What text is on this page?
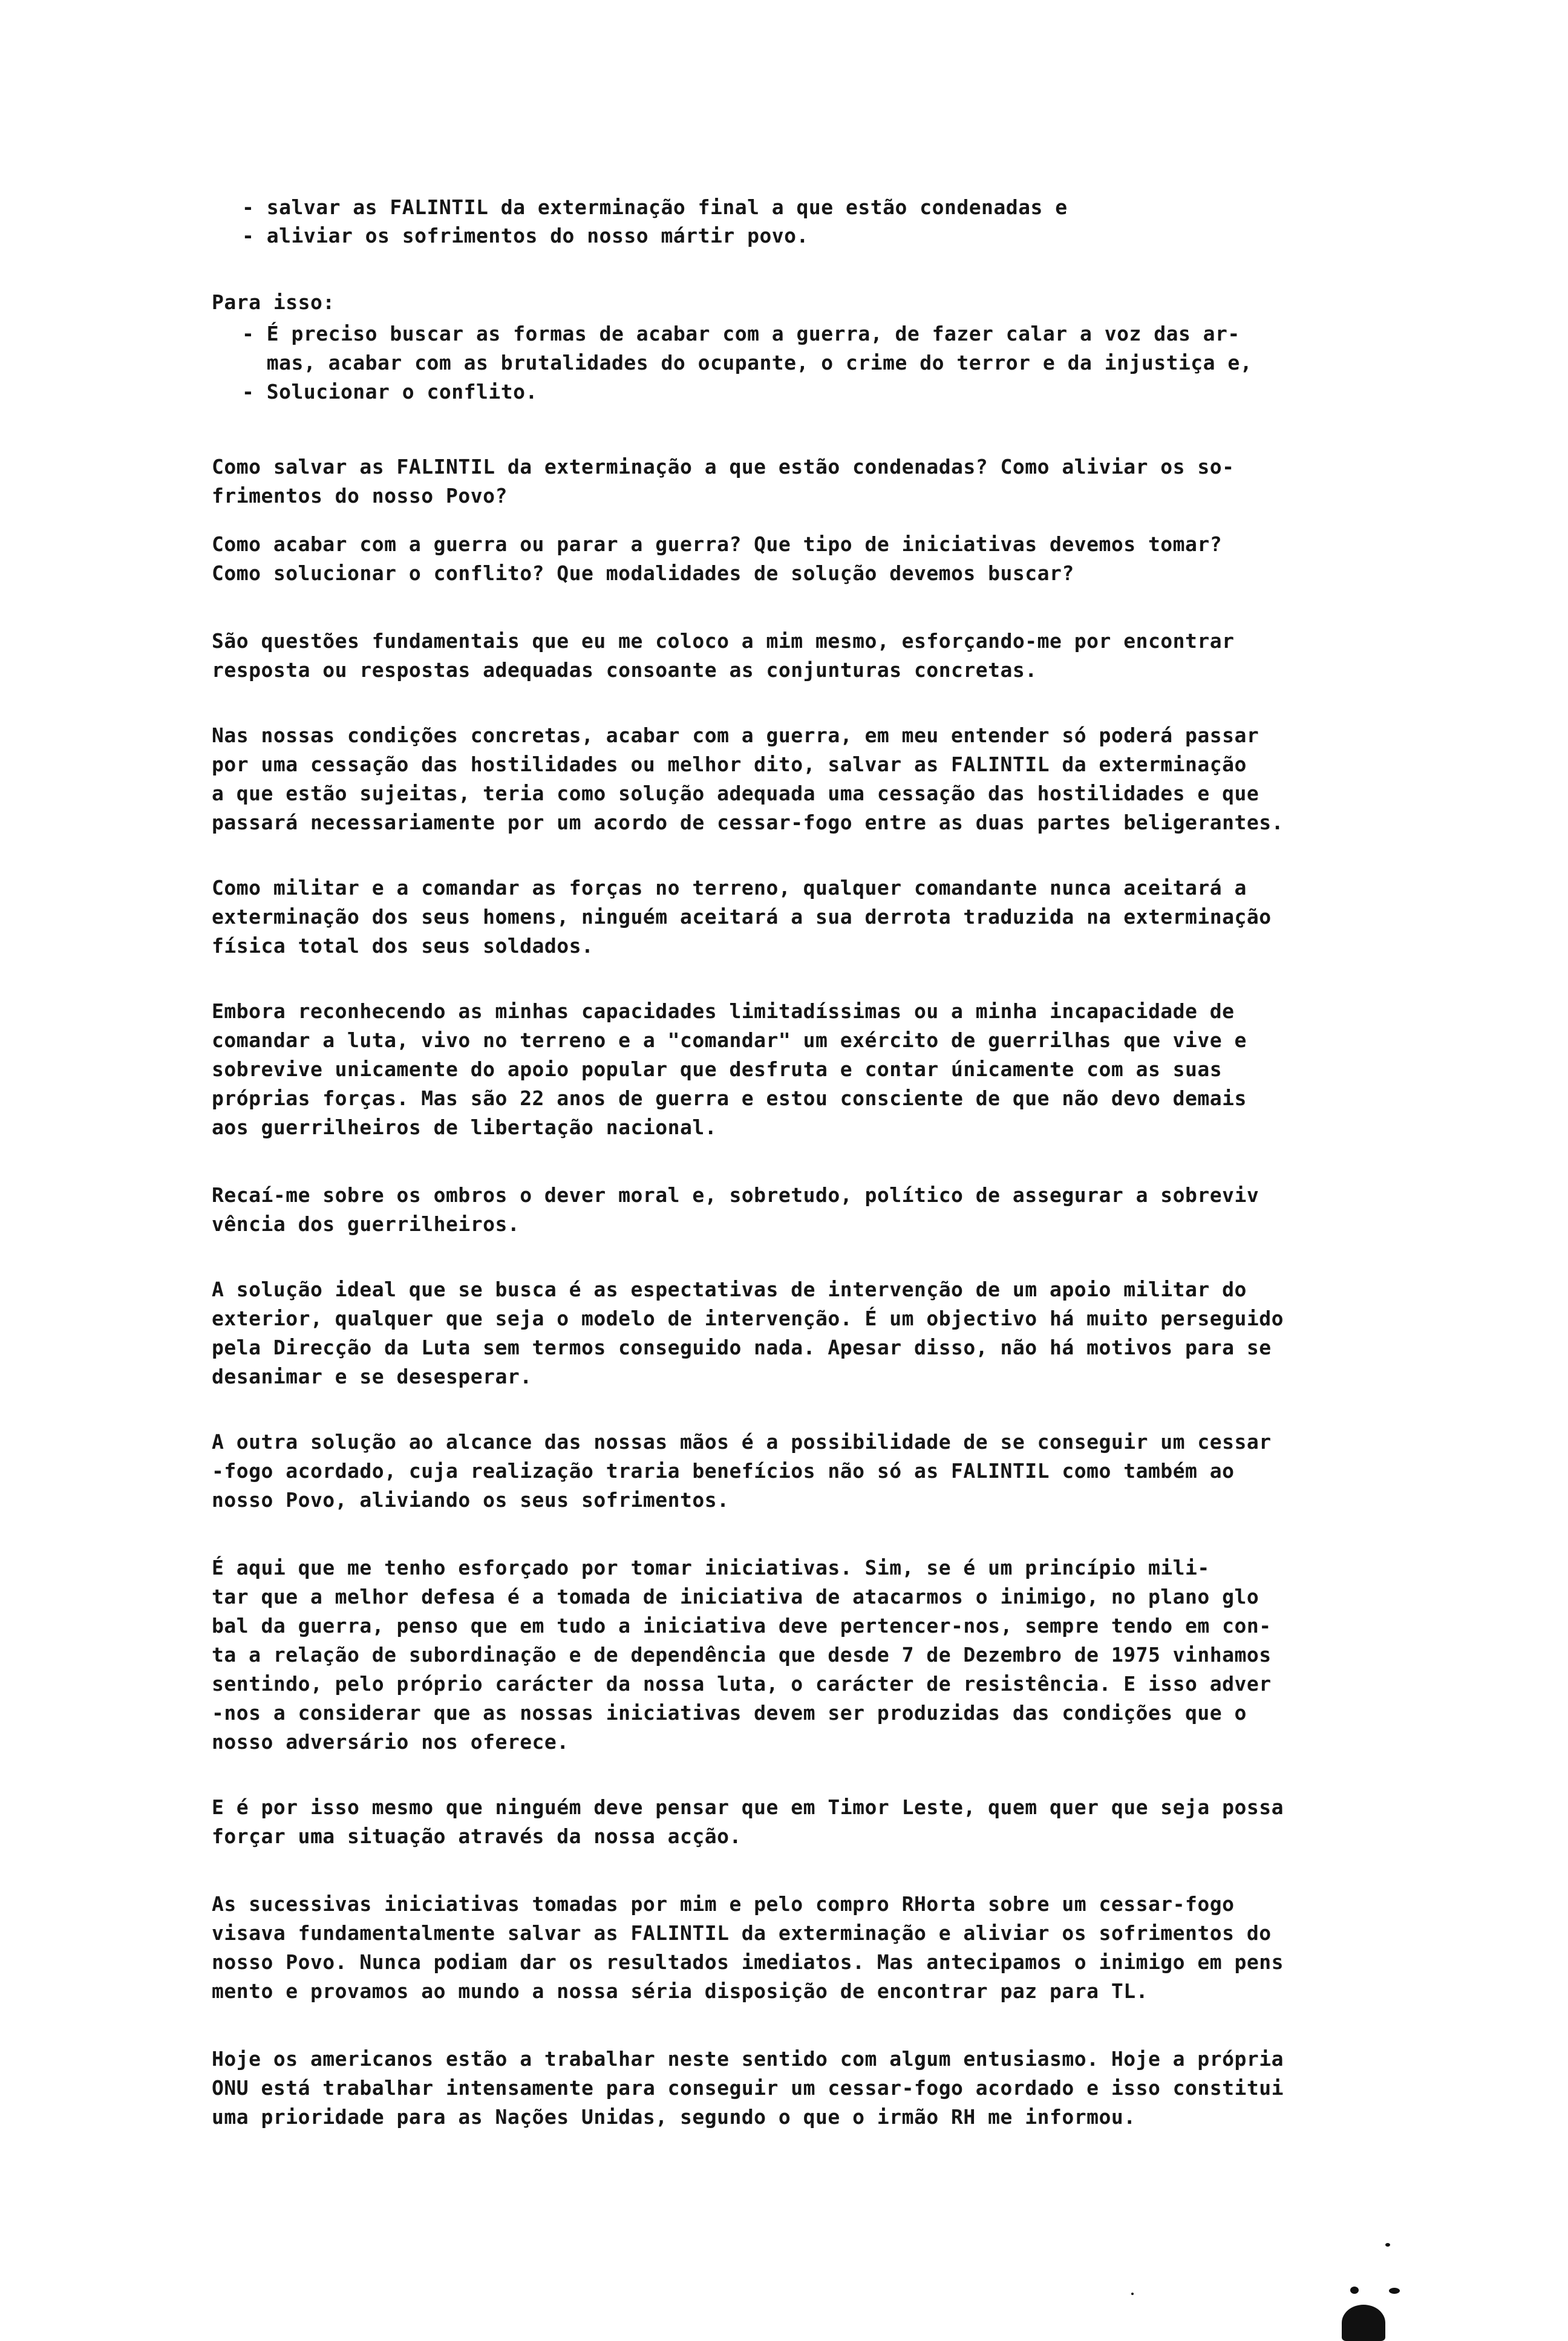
- salvar as FALINTIL da exterminação final a que estão condenadas e
- aliviar os sofrimentos do nosso mártir povo.
Para isso:
- É preciso buscar as formas de acabar com a guerra, de fazer calar a voz das ar-
mas, acabar com as brutalidades do ocupante, o crime do terror e da injustiça e,
- Solucionar o conflito.
Como salvar as FALINTIL da exterminação a que estão condenadas? Como aliviar os so-
frimentos do nosso Povo?
Como acabar com a guerra ou parar a guerra? Que tipo de iniciativas devemos tomar?
Como solucionar o conflito? Que modalidades de solução devemos buscar?
São questões fundamentais que eu me coloco a mim mesmo, esforçando-me por encontrar
resposta ou respostas adequadas consoante as conjunturas concretas.
Nas nossas condições concretas, acabar com a guerra, em meu entender só poderá passar
por uma cessação das hostilidades ou melhor dito, salvar as FALINTIL da exterminação
a que estão sujeitas, teria como solução adequada uma cessação das hostilidades e que
passará necessariamente por um acordo de cessar-fogo entre as duas partes beligerantes.
Como militar e a comandar as forças no terreno, qualquer comandante nunca aceitará a
exterminação dos seus homens, ninguém aceitará a sua derrota traduzida na exterminação
física total dos seus soldados.
Embora reconhecendo as minhas capacidades limitadíssimas ou a minha incapacidade de
comandar a luta, vivo no terreno e a "comandar" um exército de guerrilhas que vive e
sobrevive unicamente do apoio popular que desfruta e contar únicamente com as suas
próprias forças. Mas são 22 anos de guerra e estou consciente de que não devo demais
aos guerrilheiros de libertação nacional.
Recaí-me sobre os ombros o dever moral e, sobretudo, político de assegurar a sobreviv
vência dos guerrilheiros.
A solução ideal que se busca é as espectativas de intervenção de um apoio militar do
exterior, qualquer que seja o modelo de intervenção. É um objectivo há muito perseguido
pela Direcção da Luta sem termos conseguido nada. Apesar disso, não há motivos para se
desanimar e se desesperar.
A outra solução ao alcance das nossas mãos é a possibilidade de se conseguir um cessar
-fogo acordado, cuja realização traria benefícios não só as FALINTIL como também ao
nosso Povo, aliviando os seus sofrimentos.
É aqui que me tenho esforçado por tomar iniciativas. Sim, se é um princípio mili-
tar que a melhor defesa é a tomada de iniciativa de atacarmos o inimigo, no plano glo
bal da guerra, penso que em tudo a iniciativa deve pertencer-nos, sempre tendo em con-
ta a relação de subordinação e de dependência que desde 7 de Dezembro de 1975 vinhamos
sentindo, pelo próprio carácter da nossa luta, o carácter de resistência. E isso adver
-nos a considerar que as nossas iniciativas devem ser produzidas das condições que o
nosso adversário nos oferece.
E é por isso mesmo que ninguém deve pensar que em Timor Leste, quem quer que seja possa
forçar uma situação através da nossa acção.
As sucessivas iniciativas tomadas por mim e pelo compro RHorta sobre um cessar-fogo
visava fundamentalmente salvar as FALINTIL da exterminação e aliviar os sofrimentos do
nosso Povo. Nunca podiam dar os resultados imediatos. Mas antecipamos o inimigo em pens
mento e provamos ao mundo a nossa séria disposição de encontrar paz para TL.
Hoje os americanos estão a trabalhar neste sentido com algum entusiasmo. Hoje a própria
ONU está trabalhar intensamente para conseguir um cessar-fogo acordado e isso constitui
uma prioridade para as Nações Unidas, segundo o que o irmão RH me informou.
